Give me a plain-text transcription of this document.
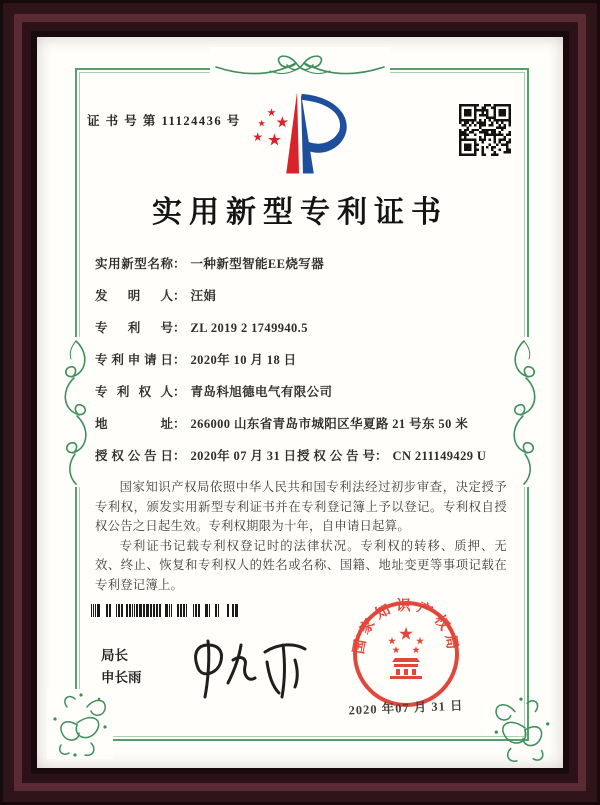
证 书 号 第 11124436 号
实用新型专利证书
实用新型名称： 一种新型智能EE烧写器
发明人： 汪娟
专利号： ZL 2019 2 1749940.5
专利申请日： 2020年 10 月 18 日
专利权人： 青岛科旭德电气有限公司
地址： 266000 山东省青岛市城阳区华夏路 21 号东 50 米
授权公告日： 2020年 07 月 31 日 授权公告号： CN 211149429 U

国家知识产权局依照中华人民共和国专利法经过初步审查，决定授予专利权，颁发实用新型专利证书并在专利登记簿上予以登记。专利权自授权公告之日起生效。专利权期限为十年，自申请日起算。

专利证书记载专利权登记时的法律状况。专利权的转移、质押、无效、终止、恢复和专利权人的姓名或名称、国籍、地址变更等事项记载在专利登记簿上。

局长
申长雨
国家知识产权局
2020 年07 月 31 日
